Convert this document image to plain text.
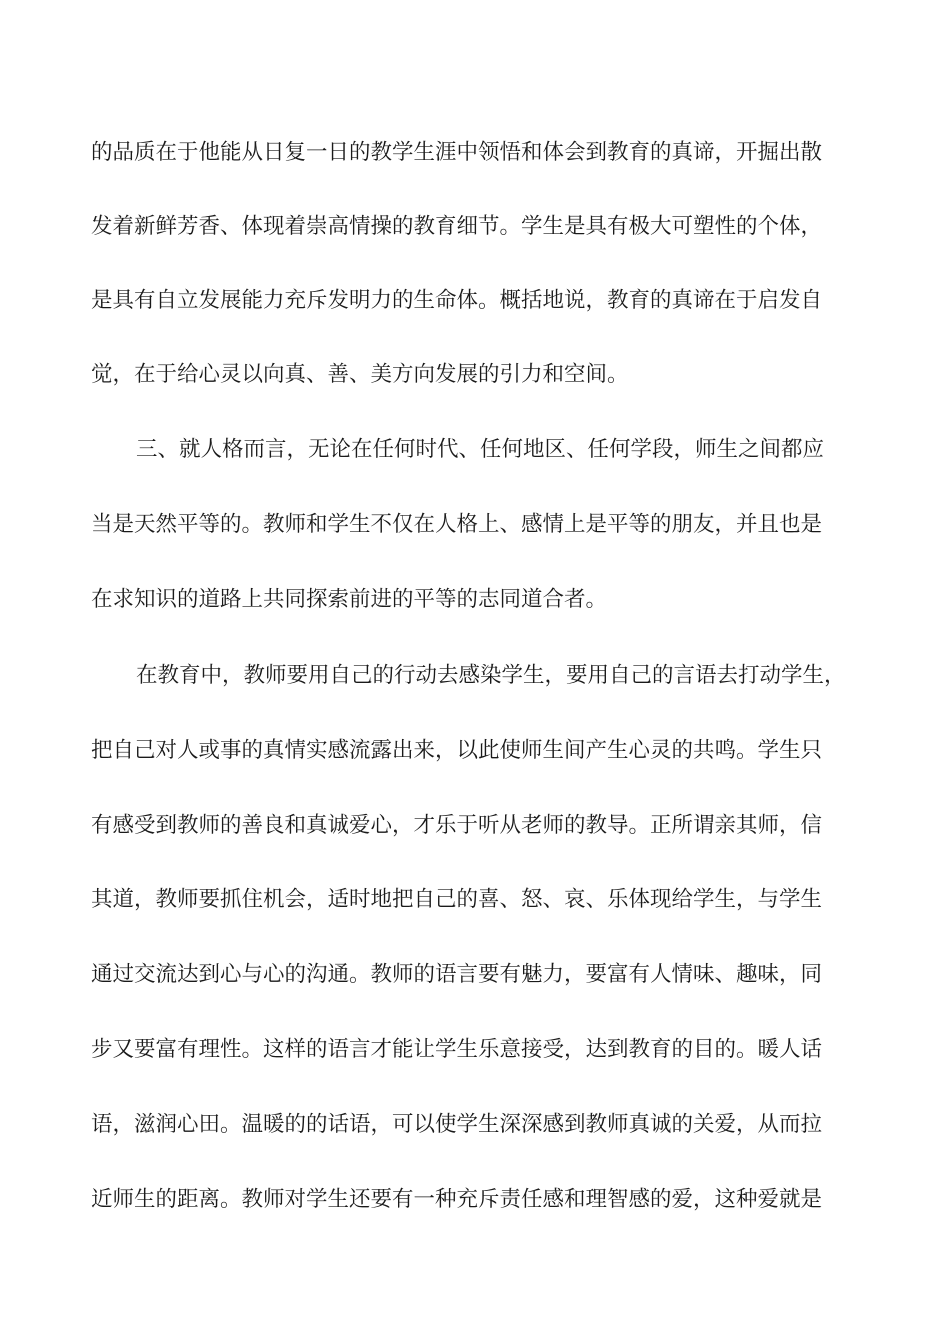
的品质在于他能从日复一日的教学生涯中领悟和体会到教育的真谛，开掘出散
发着新鲜芳香、体现着崇高情操的教育细节。学生是具有极大可塑性的个体，
是具有自立发展能力充斥发明力的生命体。概括地说，教育的真谛在于启发自
觉，在于给心灵以向真、善、美方向发展的引力和空间。
三、就人格而言，无论在任何时代、任何地区、任何学段，师生之间都应
当是天然平等的。教师和学生不仅在人格上、感情上是平等的朋友，并且也是
在求知识的道路上共同探索前进的平等的志同道合者。
在教育中，教师要用自己的行动去感染学生，要用自己的言语去打动学生，
把自己对人或事的真情实感流露出来，以此使师生间产生心灵的共鸣。学生只
有感受到教师的善良和真诚爱心，才乐于听从老师的教导。正所谓亲其师，信
其道，教师要抓住机会，适时地把自己的喜、怒、哀、乐体现给学生，与学生
通过交流达到心与心的沟通。教师的语言要有魅力，要富有人情味、趣味，同
步又要富有理性。这样的语言才能让学生乐意接受，达到教育的目的。暖人话
语，滋润心田。温暖的的话语，可以使学生深深感到教师真诚的关爱，从而拉
近师生的距离。教师对学生还要有一种充斥责任感和理智感的爱，这种爱就是
